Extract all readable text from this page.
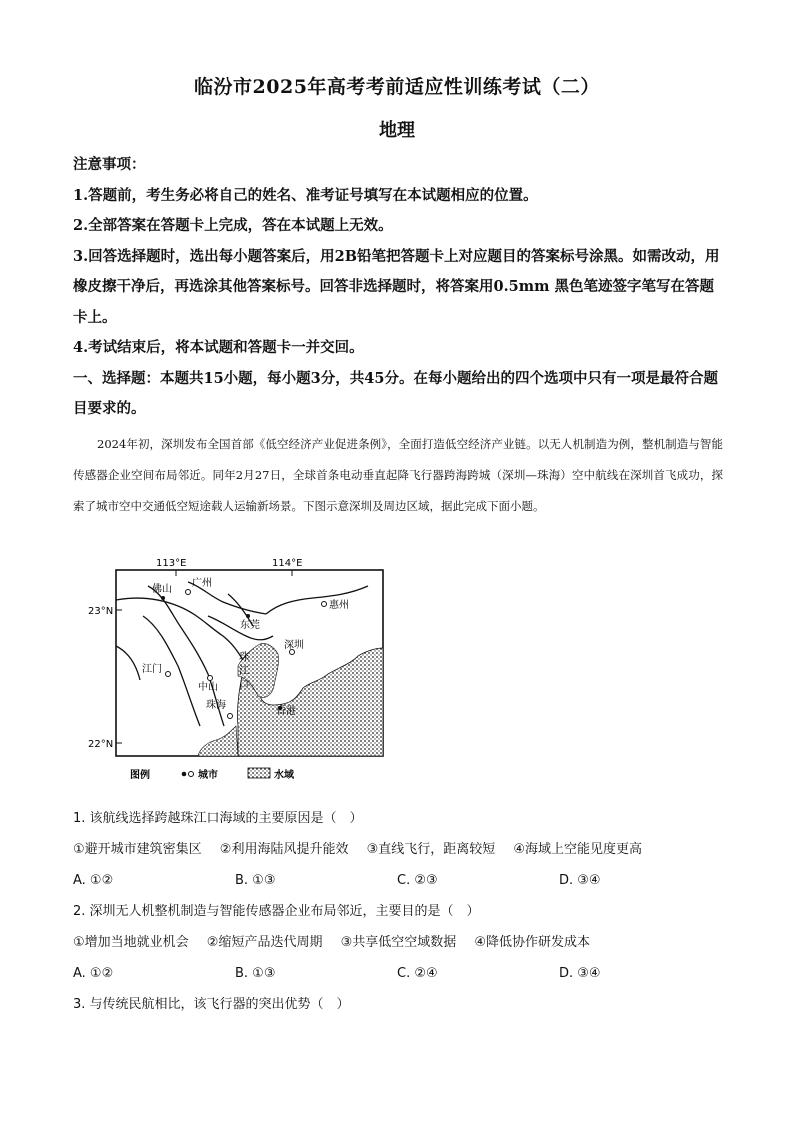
临汾市2025年高考考前适应性训练考试（二）
地理

注意事项：

1.答题前，考生务必将自己的姓名、准考证号填写在本试题相应的位置。

2.全部答案在答题卡上完成，答在本试题上无效。

3.回答选择题时，选出每小题答案后，用2B铅笔把答题卡上对应题目的答案标号涂黑。如需改动，用橡皮擦干净后，再选涂其他答案标号。回答非选择题时，将答案用0.5mm 黑色笔迹签字笔写在答题卡上。

4.考试结束后，将本试题和答题卡一并交回。

一、选择题：本题共15小题，每小题3分，共45分。在每小题给出的四个选项中只有一项是最符合题目要求的。

2024年初，深圳发布全国首部《低空经济产业促进条例》，全面打造低空经济产业链。以无人机制造为例，整机制造与智能传感器企业空间布局邻近。同年2月27日，全球首条电动垂直起降飞行器跨海跨城（深圳—珠海）空中航线在深圳首飞成功，探索了城市空中交通低空短途载人运输新场景。下图示意深圳及周边区域，据此完成下面小题。

113°E	114°E
23°N
22°N
广州
佛山
惠州
东莞
深圳
江门
中山
珠海
香港
珠
江
口
图例	城市	水域

1. 该航线选择跨越珠江口海域的主要原因是（　）

①避开城市建筑密集区 ②利用海陆风提升能效 ③直线飞行，距离较短 ④海域上空能见度更高
A. ①②	B. ①③	C. ②③	D. ③④

2. 深圳无人机整机制造与智能传感器企业布局邻近，主要目的是（　）

①增加当地就业机会 ②缩短产品迭代周期 ③共享低空空域数据 ④降低协作研发成本
A. ①②	B. ①③	C. ②④	D. ③④

3. 与传统民航相比，该飞行器的突出优势（　）
